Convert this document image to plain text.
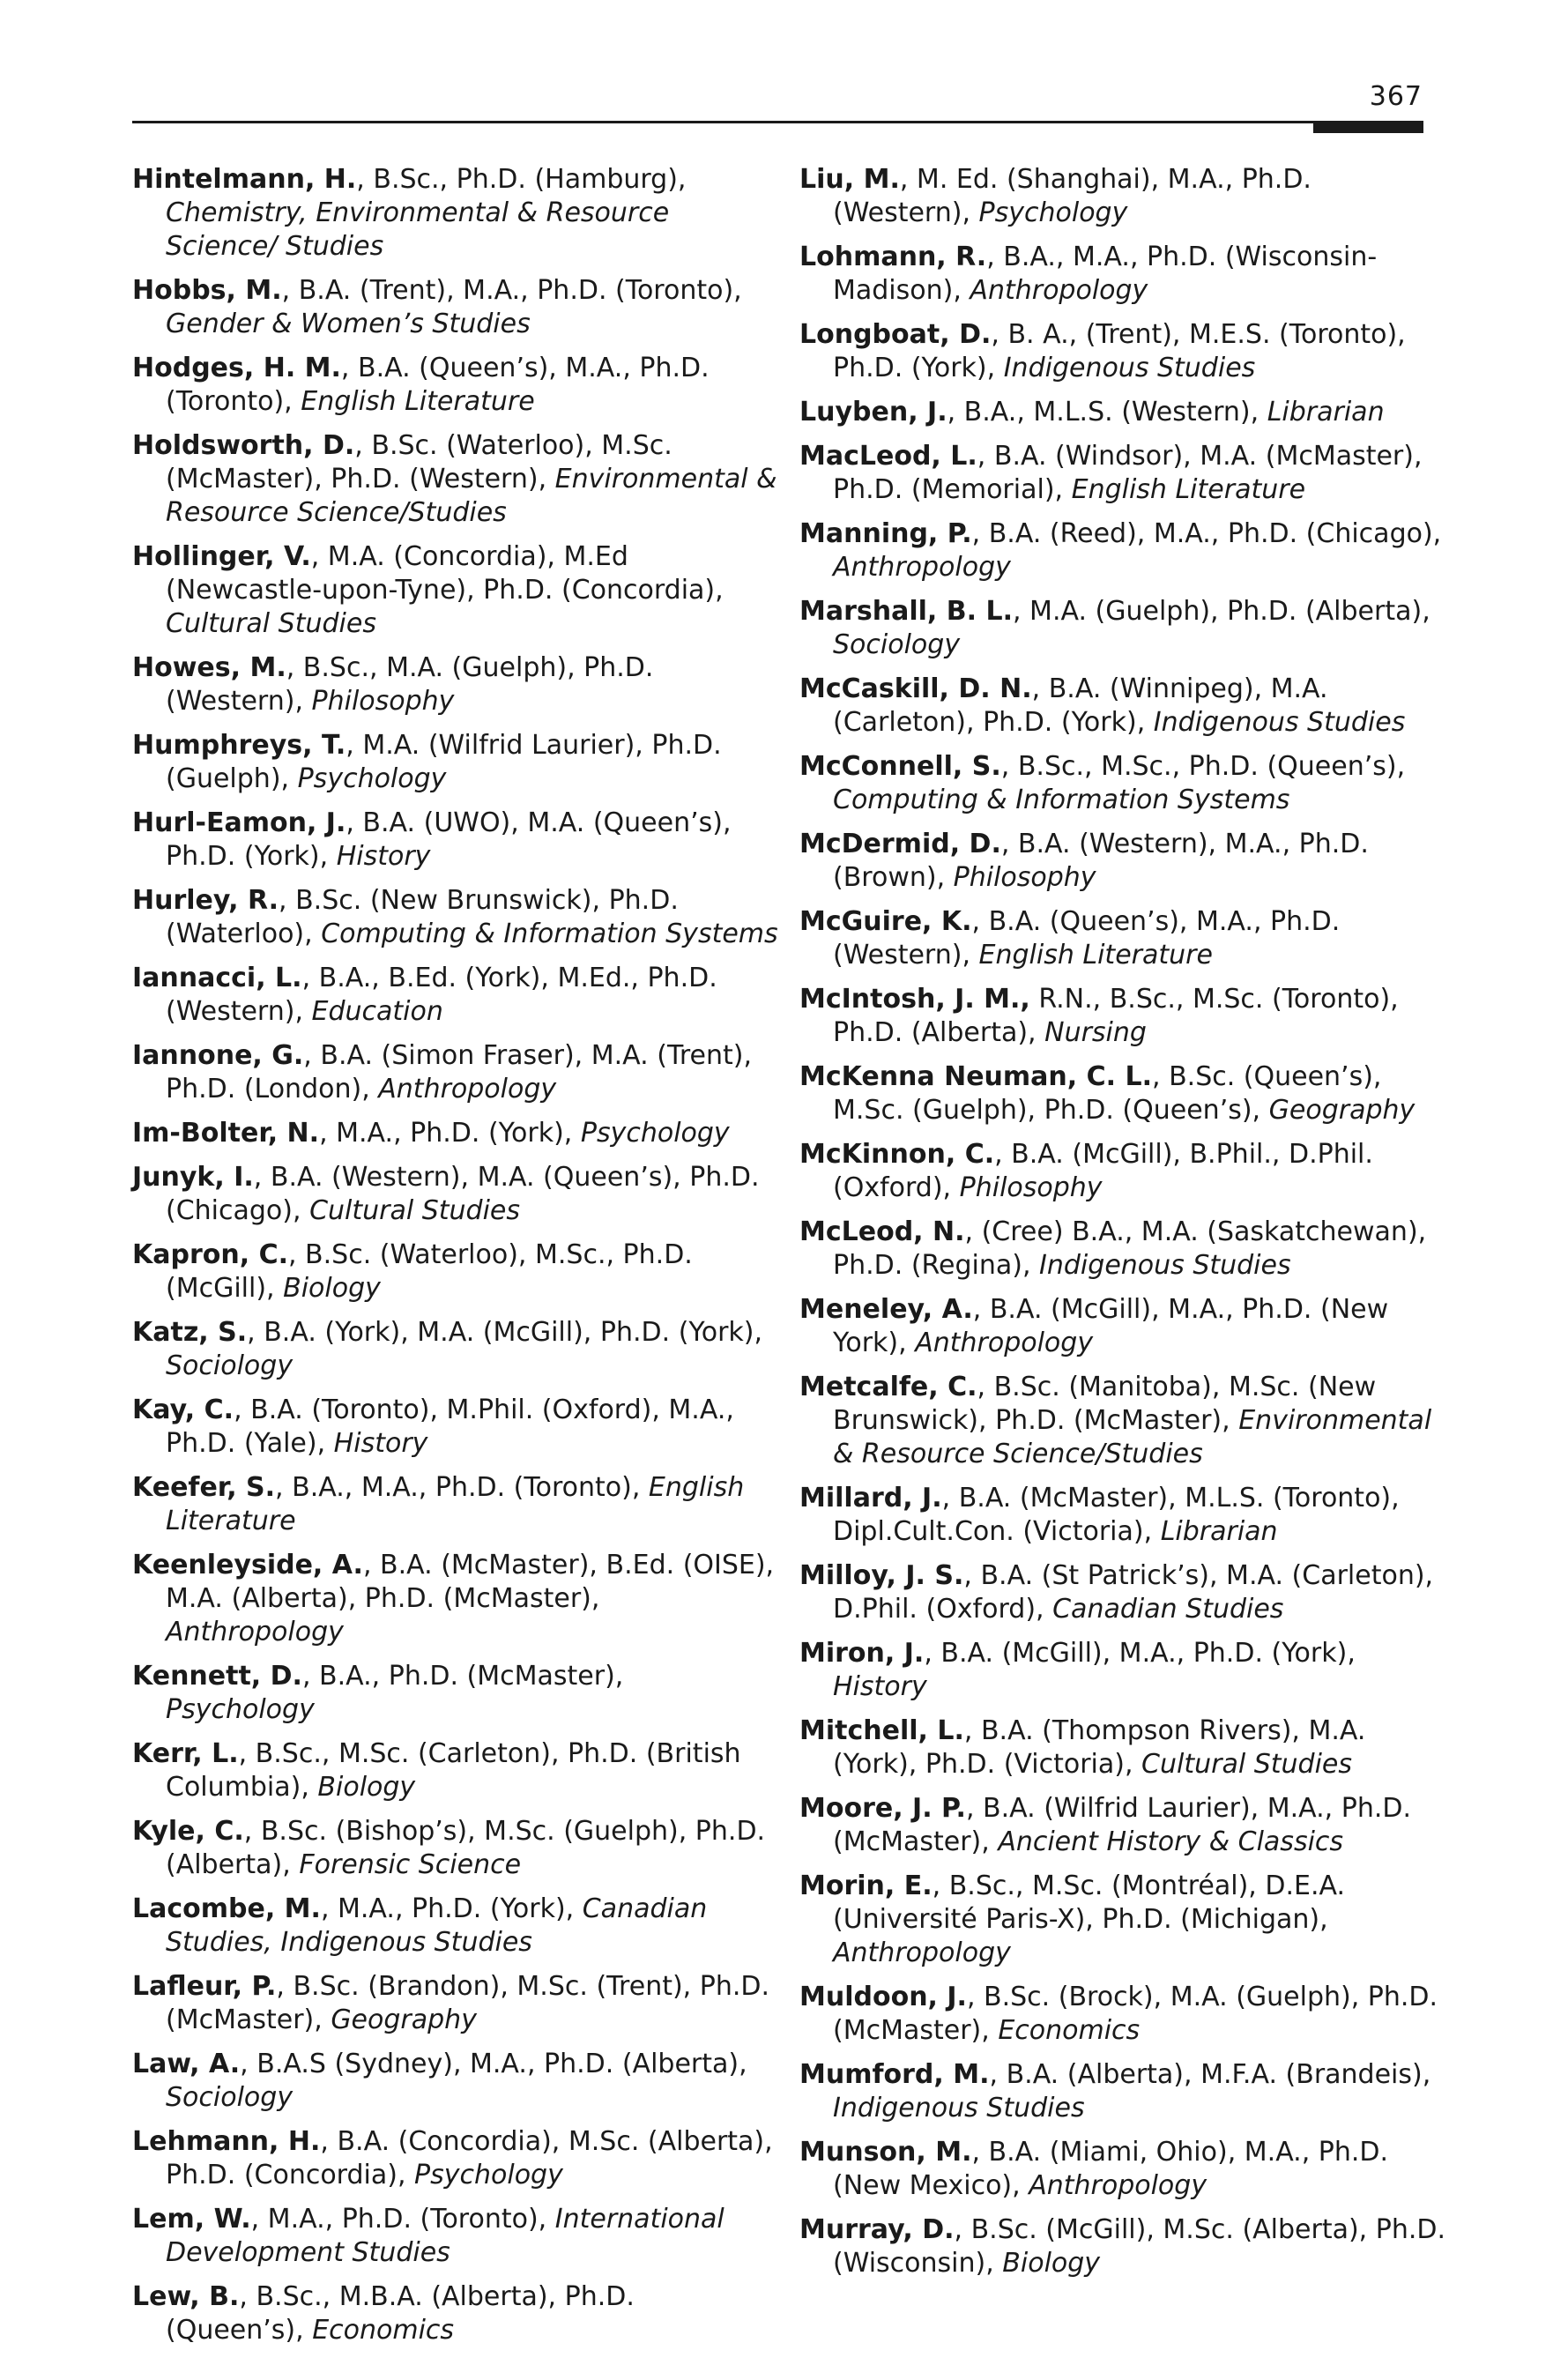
367
Hintelmann, H., B.Sc., Ph.D. (Hamburg), Chemistry, Environmental & Resource Science/ Studies
Hobbs, M., B.A. (Trent), M.A., Ph.D. (Toronto), Gender & Women’s Studies
Hodges, H. M., B.A. (Queen’s), M.A., Ph.D. (Toronto), English Literature
Holdsworth, D., B.Sc. (Waterloo), M.Sc. (McMaster), Ph.D. (Western), Environmental & Resource Science/Studies
Hollinger, V., M.A. (Concordia), M.Ed (Newcastle-upon-Tyne), Ph.D. (Concordia), Cultural Studies
Howes, M., B.Sc., M.A. (Guelph), Ph.D. (Western), Philosophy
Humphreys, T., M.A. (Wilfrid Laurier), Ph.D. (Guelph), Psychology
Hurl-Eamon, J., B.A. (UWO), M.A. (Queen’s), Ph.D. (York), History
Hurley, R., B.Sc. (New Brunswick), Ph.D. (Waterloo), Computing & Information Systems
Iannacci, L., B.A., B.Ed. (York), M.Ed., Ph.D. (Western), Education
Iannone, G., B.A. (Simon Fraser), M.A. (Trent), Ph.D. (London), Anthropology
Im-Bolter, N., M.A., Ph.D. (York), Psychology
Junyk, I., B.A. (Western), M.A. (Queen’s), Ph.D. (Chicago), Cultural Studies
Kapron, C., B.Sc. (Waterloo), M.Sc., Ph.D. (McGill), Biology
Katz, S., B.A. (York), M.A. (McGill), Ph.D. (York), Sociology
Kay, C., B.A. (Toronto), M.Phil. (Oxford), M.A., Ph.D. (Yale), History
Keefer, S., B.A., M.A., Ph.D. (Toronto), English Literature
Keenleyside, A., B.A. (McMaster), B.Ed. (OISE), M.A. (Alberta), Ph.D. (McMaster), Anthropology
Kennett, D., B.A., Ph.D. (McMaster), Psychology
Kerr, L., B.Sc., M.Sc. (Carleton), Ph.D. (British Columbia), Biology
Kyle, C., B.Sc. (Bishop’s), M.Sc. (Guelph), Ph.D. (Alberta), Forensic Science
Lacombe, M., M.A., Ph.D. (York), Canadian Studies, Indigenous Studies
Lafleur, P., B.Sc. (Brandon), M.Sc. (Trent), Ph.D. (McMaster), Geography
Law, A., B.A.S (Sydney), M.A., Ph.D. (Alberta), Sociology
Lehmann, H., B.A. (Concordia), M.Sc. (Alberta), Ph.D. (Concordia), Psychology
Lem, W., M.A., Ph.D. (Toronto), International Development Studies
Lew, B., B.Sc., M.B.A. (Alberta), Ph.D. (Queen’s), Economics
Liu, M., M. Ed. (Shanghai), M.A., Ph.D. (Western), Psychology
Lohmann, R., B.A., M.A., Ph.D. (Wisconsin-Madison), Anthropology
Longboat, D., B. A., (Trent), M.E.S. (Toronto), Ph.D. (York), Indigenous Studies
Luyben, J., B.A., M.L.S. (Western), Librarian
MacLeod, L., B.A. (Windsor), M.A. (McMaster), Ph.D. (Memorial), English Literature
Manning, P., B.A. (Reed), M.A., Ph.D. (Chicago), Anthropology
Marshall, B. L., M.A. (Guelph), Ph.D. (Alberta), Sociology
McCaskill, D. N., B.A. (Winnipeg), M.A. (Carleton), Ph.D. (York), Indigenous Studies
McConnell, S., B.Sc., M.Sc., Ph.D. (Queen’s), Computing & Information Systems
McDermid, D., B.A. (Western), M.A., Ph.D. (Brown), Philosophy
McGuire, K., B.A. (Queen’s), M.A., Ph.D. (Western), English Literature
McIntosh, J. M., R.N., B.Sc., M.Sc. (Toronto), Ph.D. (Alberta), Nursing
McKenna Neuman, C. L., B.Sc. (Queen’s), M.Sc. (Guelph), Ph.D. (Queen’s), Geography
McKinnon, C., B.A. (McGill), B.Phil., D.Phil. (Oxford), Philosophy
McLeod, N., (Cree) B.A., M.A. (Saskatchewan), Ph.D. (Regina), Indigenous Studies
Meneley, A., B.A. (McGill), M.A., Ph.D. (New York), Anthropology
Metcalfe, C., B.Sc. (Manitoba), M.Sc. (New Brunswick), Ph.D. (McMaster), Environmental & Resource Science/Studies
Millard, J., B.A. (McMaster), M.L.S. (Toronto), Dipl.Cult.Con. (Victoria), Librarian
Milloy, J. S., B.A. (St Patrick’s), M.A. (Carleton), D.Phil. (Oxford), Canadian Studies
Miron, J., B.A. (McGill), M.A., Ph.D. (York), History
Mitchell, L., B.A. (Thompson Rivers), M.A. (York), Ph.D. (Victoria), Cultural Studies
Moore, J. P., B.A. (Wilfrid Laurier), M.A., Ph.D. (McMaster), Ancient History & Classics
Morin, E., B.Sc., M.Sc. (Montréal), D.E.A. (Université Paris-X), Ph.D. (Michigan), Anthropology
Muldoon, J., B.Sc. (Brock), M.A. (Guelph), Ph.D. (McMaster), Economics
Mumford, M., B.A. (Alberta), M.F.A. (Brandeis), Indigenous Studies
Munson, M., B.A. (Miami, Ohio), M.A., Ph.D. (New Mexico), Anthropology
Murray, D., B.Sc. (McGill), M.Sc. (Alberta), Ph.D. (Wisconsin), Biology
